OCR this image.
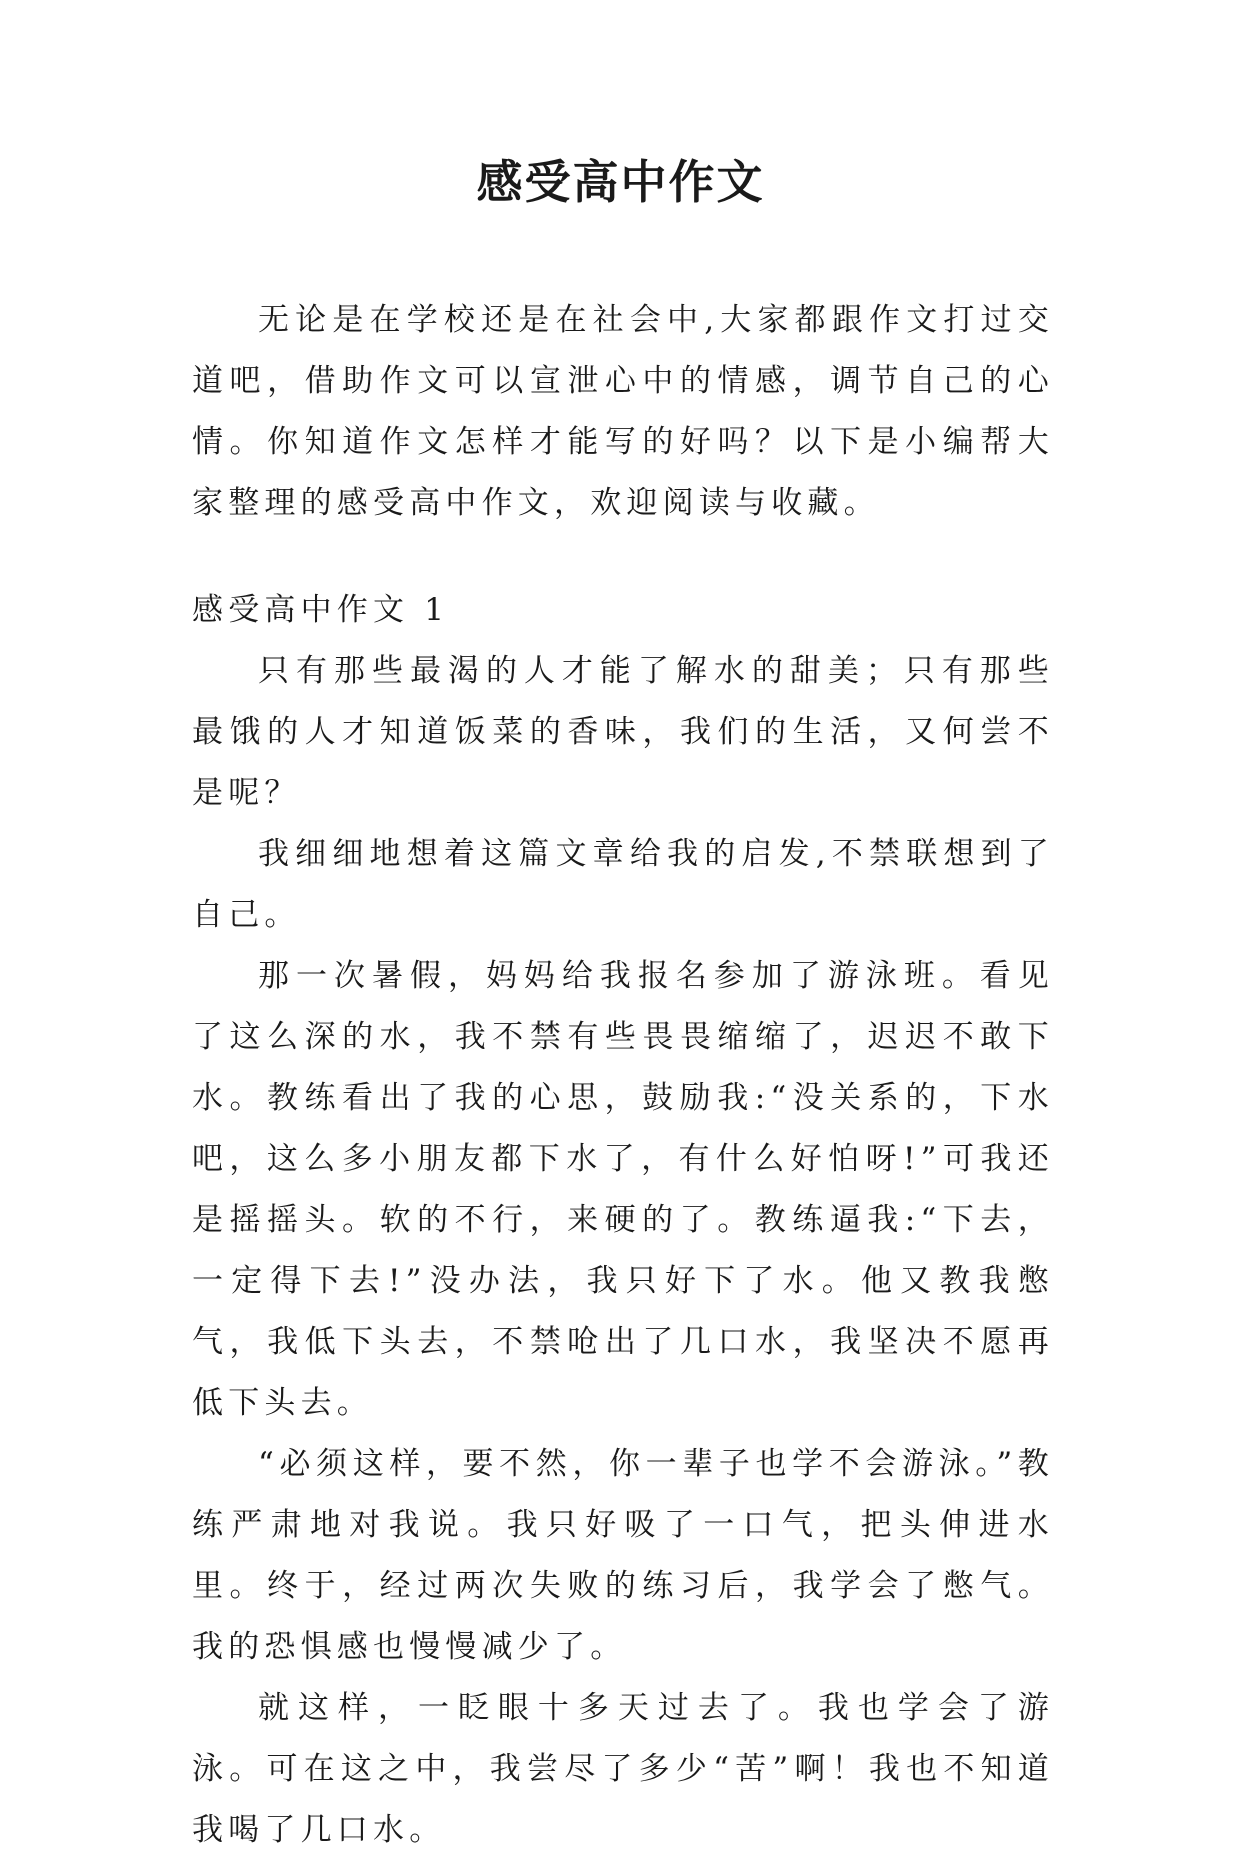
感受高中作文

无论是在学校还是在社会中,大家都跟作文打过交道吧，借助作文可以宣泄心中的情感，调节自己的心情。你知道作文怎样才能写的好吗？以下是小编帮大家整理的感受高中作文，欢迎阅读与收藏。

感受高中作文 1

只有那些最渴的人才能了解水的甜美；只有那些最饿的人才知道饭菜的香味，我们的生活，又何尝不是呢？

我细细地想着这篇文章给我的启发,不禁联想到了自己。

那一次暑假，妈妈给我报名参加了游泳班。看见了这么深的水，我不禁有些畏畏缩缩了，迟迟不敢下水。教练看出了我的心思，鼓励我:“没关系的，下水吧，这么多小朋友都下水了，有什么好怕呀!”可我还是摇摇头。软的不行，来硬的了。教练逼我:“下去，一定得下去!”没办法，我只好下了水。他又教我憋气，我低下头去，不禁呛出了几口水，我坚决不愿再低下头去。

“必须这样，要不然，你一辈子也学不会游泳。”教练严肃地对我说。我只好吸了一口气，把头伸进水里。终于，经过两次失败的练习后，我学会了憋气。我的恐惧感也慢慢减少了。

就这样，一眨眼十多天过去了。我也学会了游泳。可在这之中，我尝尽了多少“苦”啊！我也不知道我喝了几口水。
